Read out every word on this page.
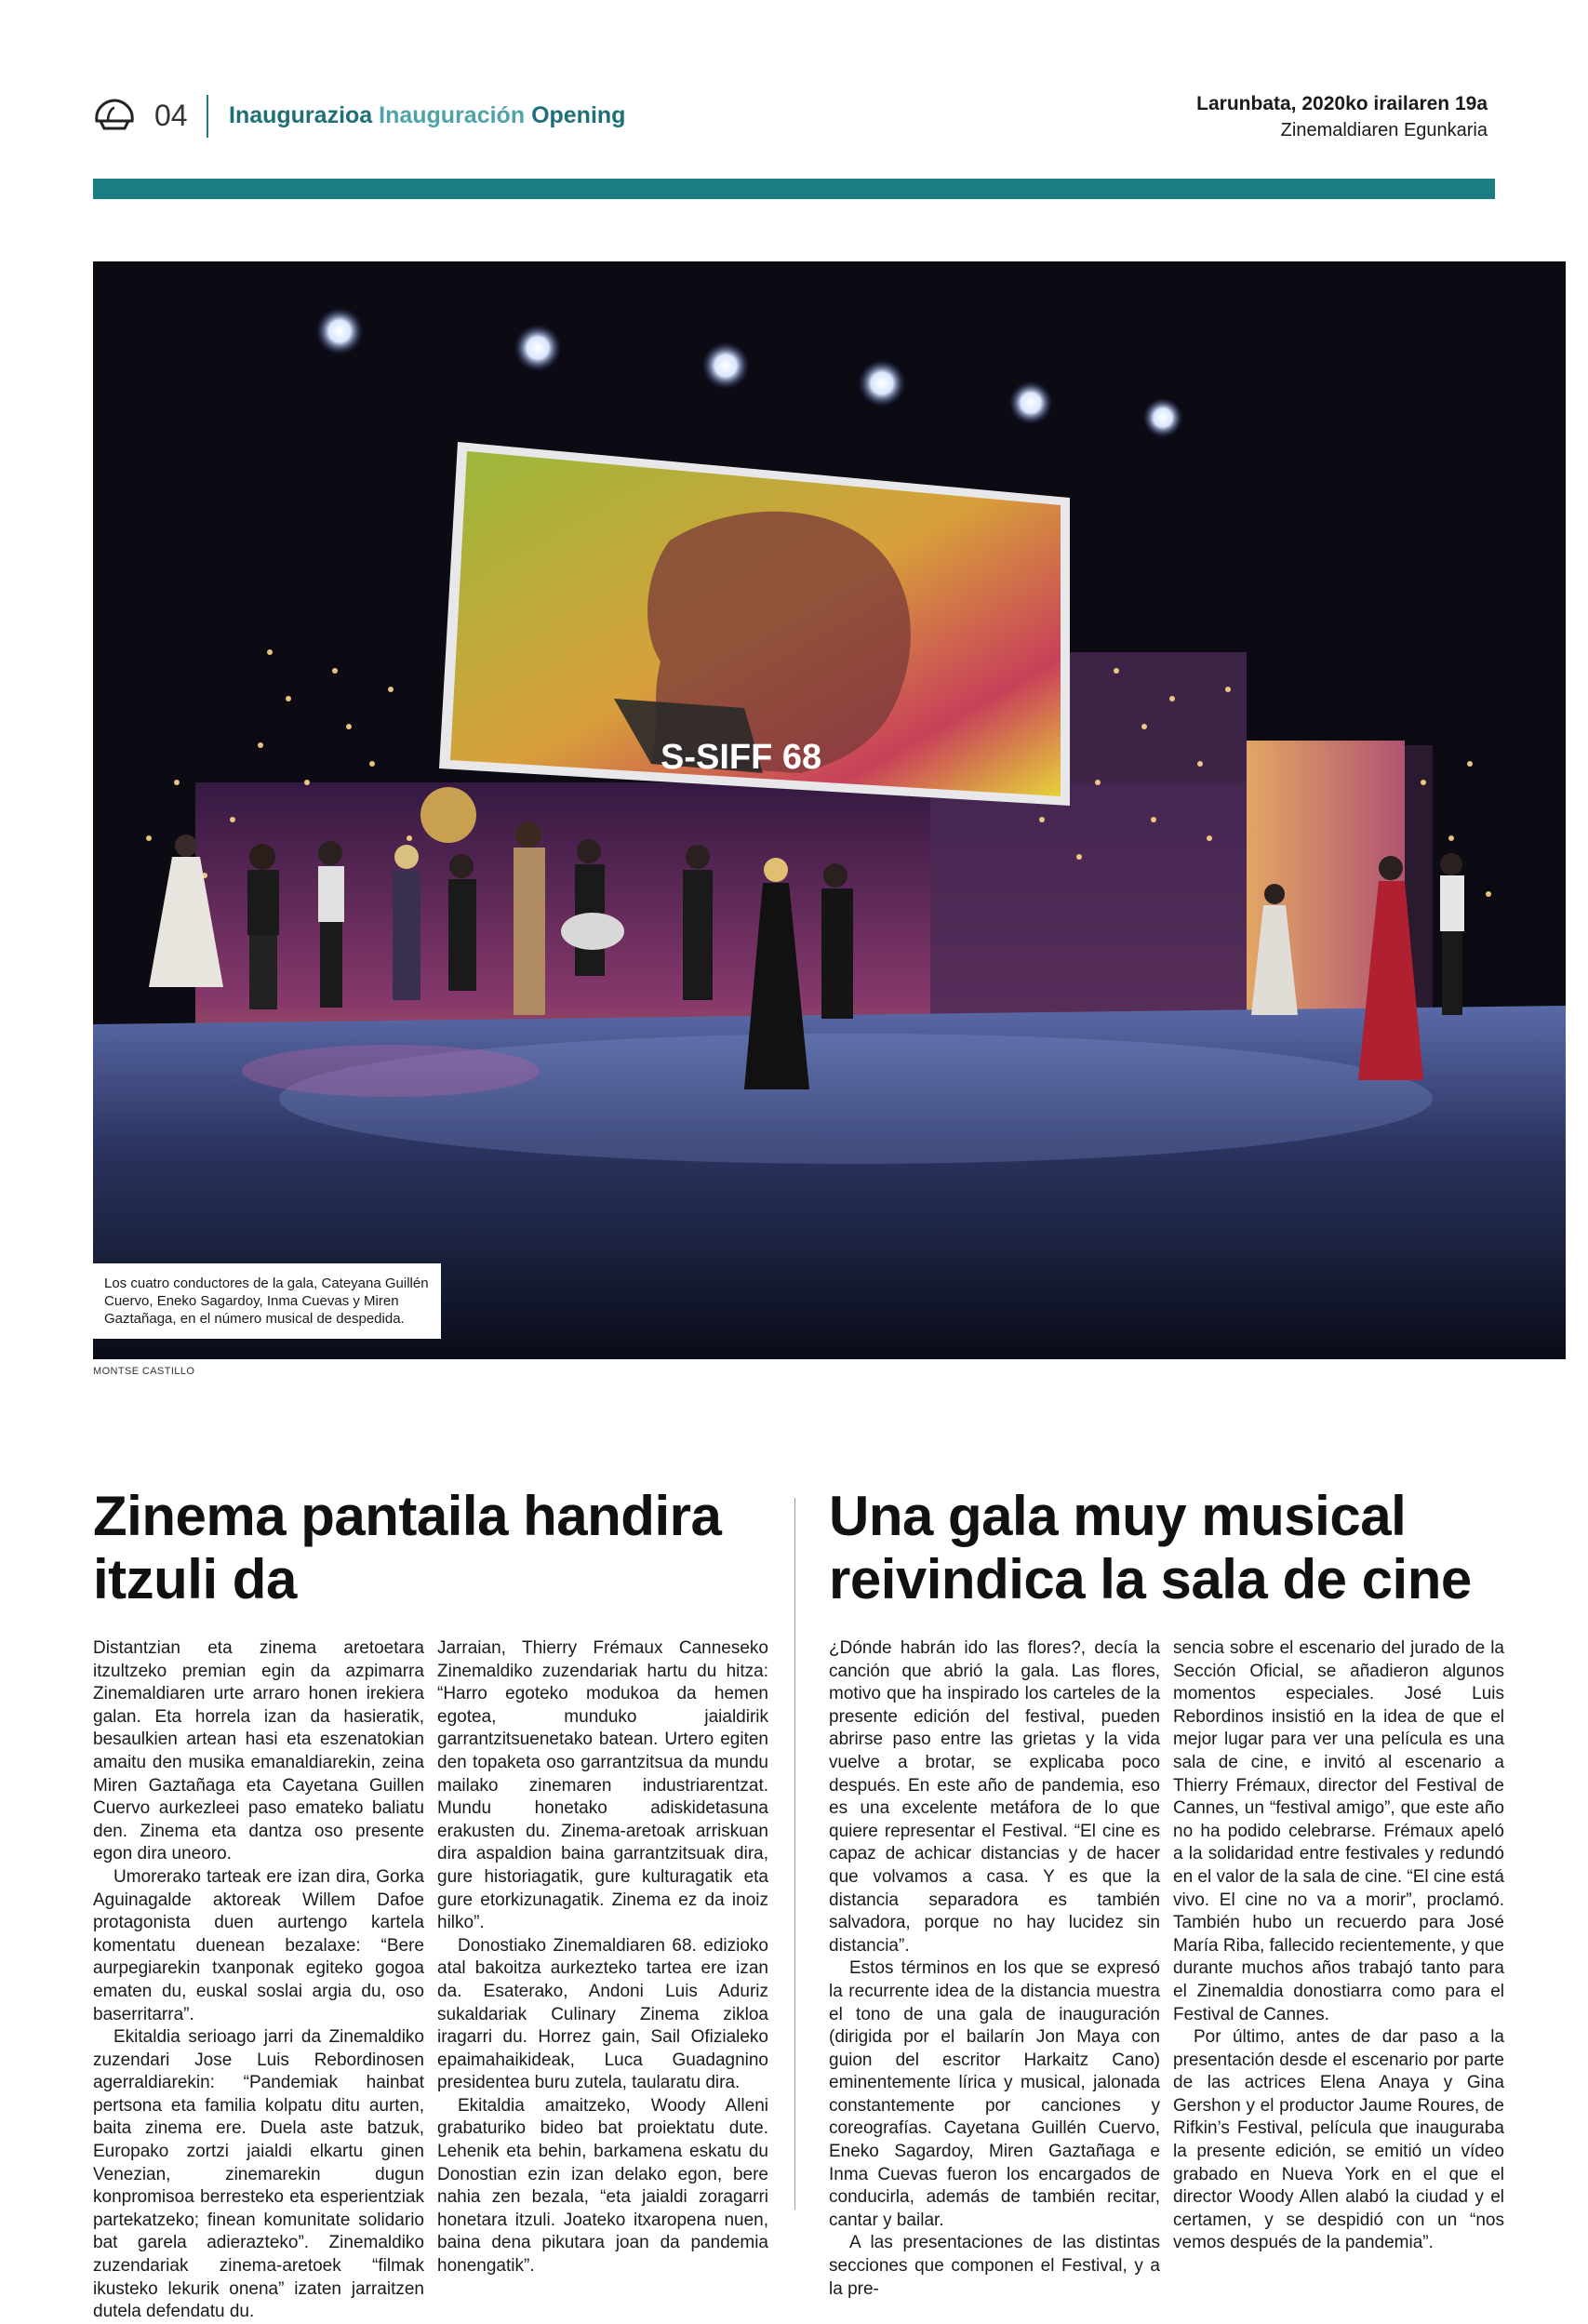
04 Inaugurazioa Inauguración Opening	Larunbata, 2020ko irailaren 19a
Zinemaldiaren Egunkaria
S-SIFF 68
Los cuatro conductores de la gala, Cateyana Guillén Cuervo, Eneko Sagardoy, Inma Cuevas y Miren Gaztañaga, en el número musical de despedida.
MONTSE CASTILLO
Zinema pantaila handira itzuli da
Una gala muy musical reivindica la sala de cine

Distantzian eta zinema aretoetara itzultzeko premian egin da azpimarra Zinemaldiaren urte arraro honen irekiera galan. Eta horrela izan da hasieratik, besaulkien artean hasi eta eszenatokian amaitu den musika emanaldiarekin, zeina Miren Gaztañaga eta Cayetana Guillen Cuervo aurkezleei paso emateko baliatu den. Zinema eta dantza oso presente egon dira uneoro.

Umorerako tarteak ere izan dira, Gorka Aguinagalde aktoreak Willem Dafoe protagonista duen aurtengo kartela komentatu duenean bezalaxe: “Bere aurpegiarekin txanponak egiteko gogoa ematen du, euskal soslai argia du, oso baserritarra”.

Ekitaldia serioago jarri da Zinemaldiko zuzendari Jose Luis Rebordinosen agerraldiarekin: “Pandemiak hainbat pertsona eta familia kolpatu ditu aurten, baita zinema ere. Duela aste batzuk, Europako zortzi jaialdi elkartu ginen Venezian, zinemarekin dugun konpromisoa berresteko eta esperientziak partekatzeko; finean komunitate solidario bat garela adierazteko”. Zinemaldiko zuzendariak zinema-aretoek “filmak ikusteko lekurik onena” izaten jarraitzen dutela defendatu du.

Jarraian, Thierry Frémaux Canneseko Zinemaldiko zuzendariak hartu du hitza: “Harro egoteko modukoa da hemen egotea, munduko jaialdirik garrantzitsuenetako batean. Urtero egiten den topaketa oso garrantzitsua da mundu mailako zinemaren industriarentzat. Mundu honetako adiskidetasuna erakusten du. Zinema-aretoak arriskuan dira aspaldion baina garrantzitsuak dira, gure historiagatik, gure kulturagatik eta gure etorkizunagatik. Zinema ez da inoiz hilko”.

Donostiako Zinemaldiaren 68. edizioko atal bakoitza aurkezteko tartea ere izan da. Esaterako, Andoni Luis Aduriz sukaldariak Culinary Zinema zikloa iragarri du. Horrez gain, Sail Ofizialeko epaimahaikideak, Luca Guadagnino presidentea buru zutela, taularatu dira.

Ekitaldia amaitzeko, Woody Alleni grabaturiko bideo bat proiektatu dute. Lehenik eta behin, barkamena eskatu du Donostian ezin izan delako egon, bere nahia zen bezala, “eta jaialdi zoragarri honetara itzuli. Joateko itxaropena nuen, baina dena pikutara joan da pandemia honengatik”.

¿Dónde habrán ido las flores?, decía la canción que abrió la gala. Las flores, motivo que ha inspirado los carteles de la presente edición del festival, pueden abrirse paso entre las grietas y la vida vuelve a brotar, se explicaba poco después. En este año de pandemia, eso es una excelente metáfora de lo que quiere representar el Festival. “El cine es capaz de achicar distancias y de hacer que volvamos a casa. Y es que la distancia separadora es también salvadora, porque no hay lucidez sin distancia”.

Estos términos en los que se expresó la recurrente idea de la distancia muestra el tono de una gala de inauguración (dirigida por el bailarín Jon Maya con guion del escritor Harkaitz Cano) eminentemente lírica y musical, jalonada constantemente por canciones y coreografías. Cayetana Guillén Cuervo, Eneko Sagardoy, Miren Gaztañaga e Inma Cuevas fueron los encargados de conducirla, además de también recitar, cantar y bailar.

A las presentaciones de las distintas secciones que componen el Festival, y a la pre-

sencia sobre el escenario del jurado de la Sección Oficial, se añadieron algunos momentos especiales. José Luis Rebordinos insistió en la idea de que el mejor lugar para ver una película es una sala de cine, e invitó al escenario a Thierry Frémaux, director del Festival de Cannes, un “festival amigo”, que este año no ha podido celebrarse. Frémaux apeló a la solidaridad entre festivales y redundó en el valor de la sala de cine. “El cine está vivo. El cine no va a morir”, proclamó. También hubo un recuerdo para José María Riba, fallecido recientemente, y que durante muchos años trabajó tanto para el Zinemaldia donostiarra como para el Festival de Cannes.

Por último, antes de dar paso a la presentación desde el escenario por parte de las actrices Elena Anaya y Gina Gershon y el productor Jaume Roures, de Rifkin’s Festival, película que inauguraba la presente edición, se emitió un vídeo grabado en Nueva York en el que el director Woody Allen alabó la ciudad y el certamen, y se despidió con un “nos vemos después de la pandemia”.
